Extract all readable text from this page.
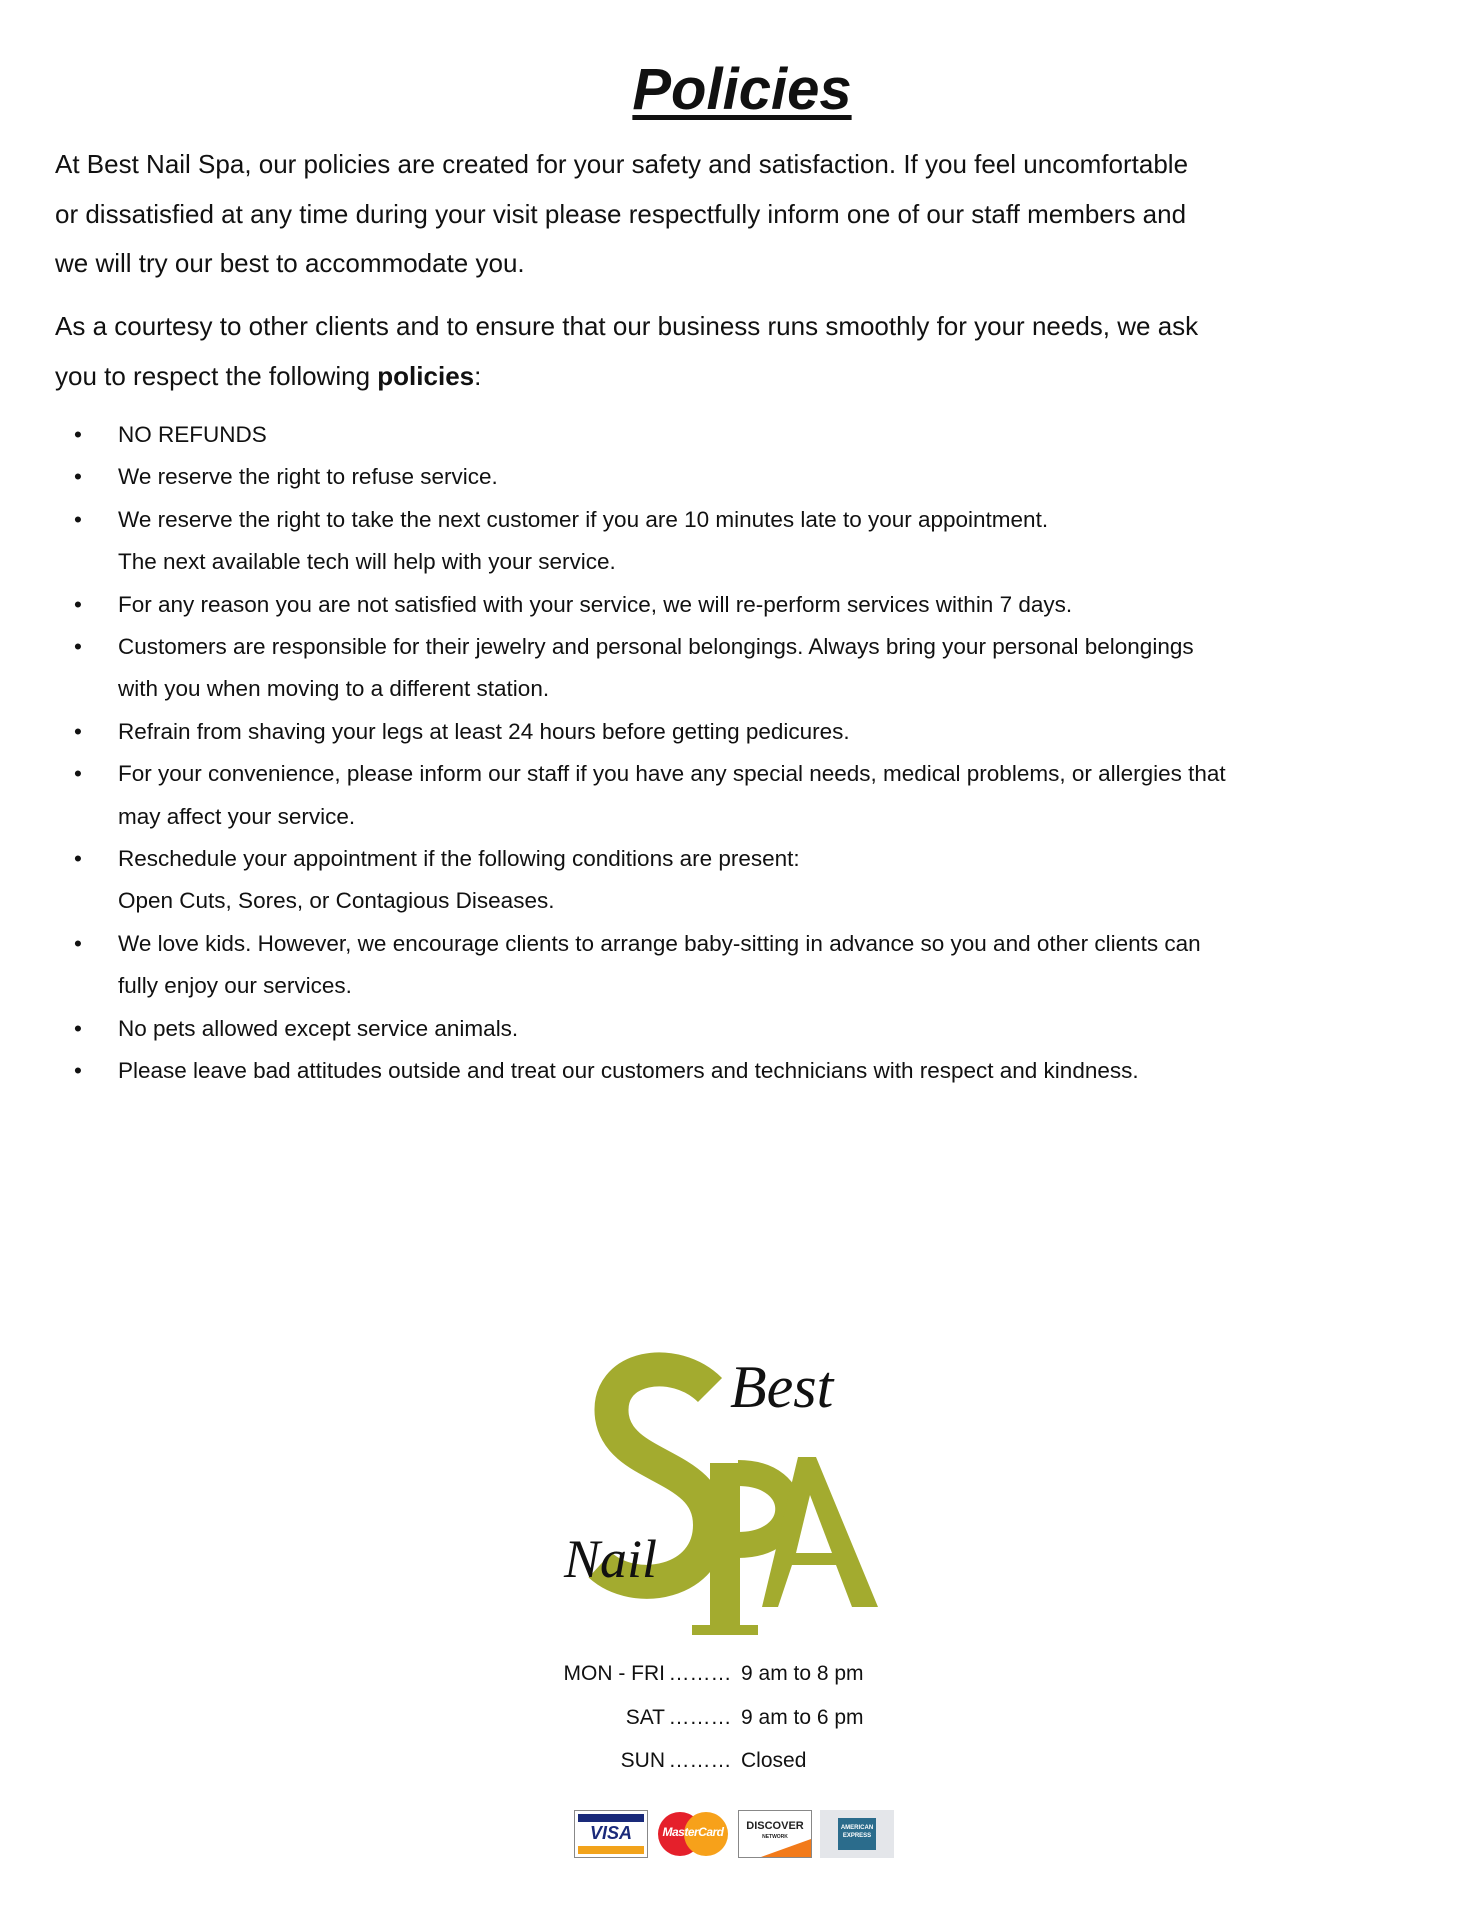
Policies
At Best Nail Spa, our policies are created for your safety and satisfaction. If you feel uncomfortable
or dissatisfied at any time during your visit please respectfully inform one of our staff members and
we will try our best to accommodate you.
As a courtesy to other clients and to ensure that our business runs smoothly for your needs, we ask
you to respect the following policies:
• NO REFUNDS
• We reserve the right to refuse service.
• We reserve the right to take the next customer if you are 10 minutes late to your appointment.
The next available tech will help with your service.
• For any reason you are not satisfied with your service, we will re-perform services within 7 days.
• Customers are responsible for their jewelry and personal belongings. Always bring your personal belongings
with you when moving to a different station.
• Refrain from shaving your legs at least 24 hours before getting pedicures.
• For your convenience, please inform our staff if you have any special needs, medical problems, or allergies that
may affect your service.
• Reschedule your appointment if the following conditions are present:
Open Cuts, Sores, or Contagious Diseases.
• We love kids. However, we encourage clients to arrange baby-sitting in advance so you and other clients can
fully enjoy our services.
• No pets allowed except service animals.
• Please leave bad attitudes outside and treat our customers and technicians with respect and kindness.
Best
Nail
MON - FRI ……… 9 am to 8 pm
SAT ……… 9 am to 6 pm
SUN ……… Closed
VISA	MasterCard	DISCOVER
NETWORK
AMERICAN EXPRESS
